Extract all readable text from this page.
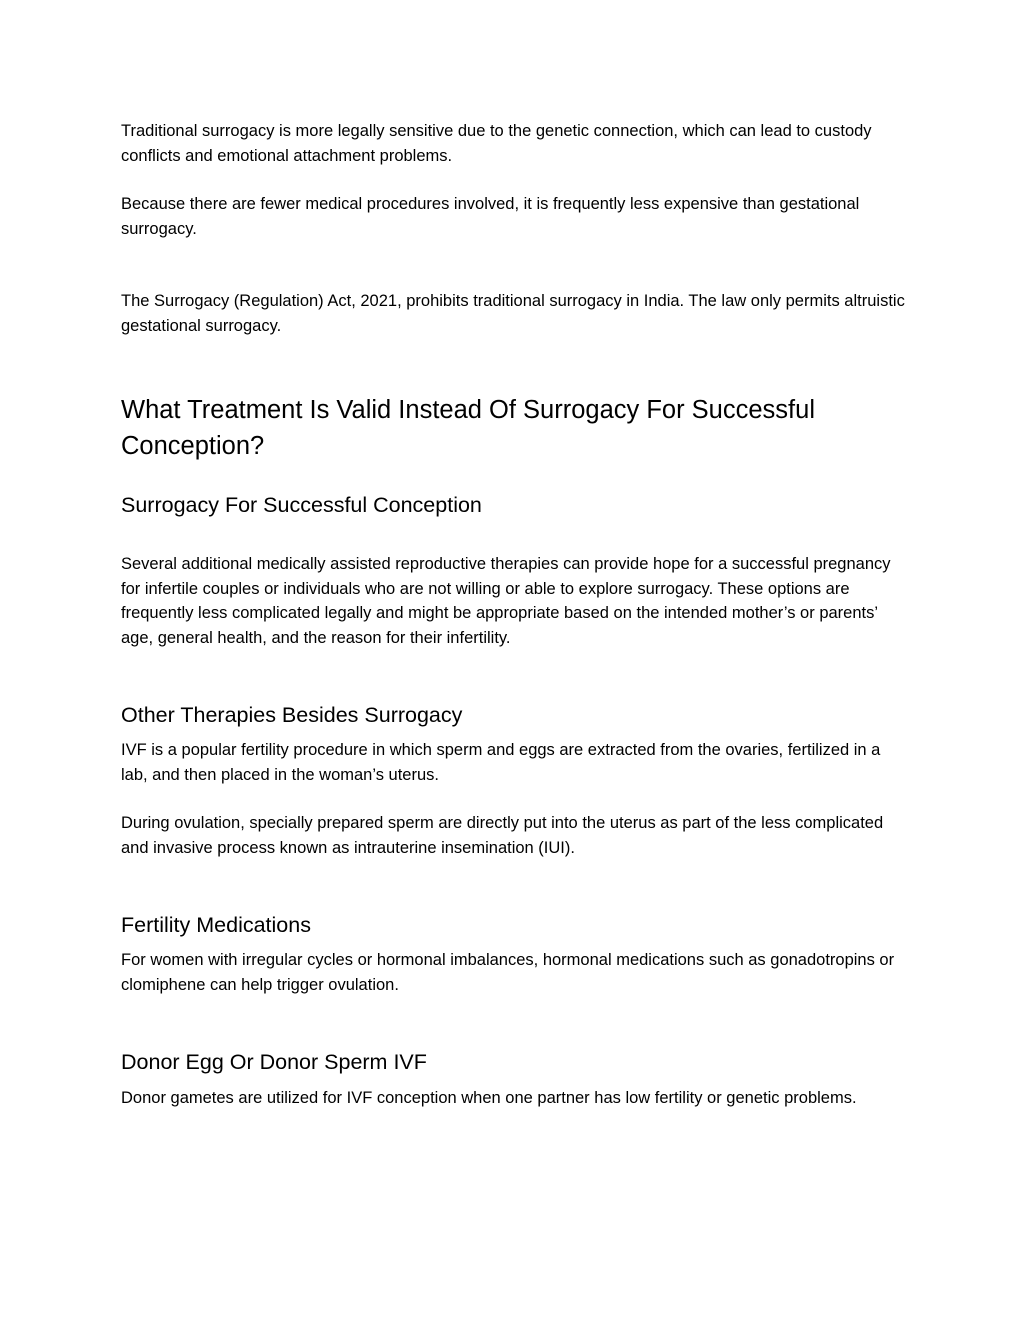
Traditional surrogacy is more legally sensitive due to the genetic connection, which can lead to custody conflicts and emotional attachment problems.

Because there are fewer medical procedures involved, it is frequently less expensive than gestational surrogacy.

The Surrogacy (Regulation) Act, 2021, prohibits traditional surrogacy in India. The law only permits altruistic gestational surrogacy.

What Treatment Is Valid Instead Of Surrogacy For Successful Conception?
Surrogacy For Successful Conception

Several additional medically assisted reproductive therapies can provide hope for a successful pregnancy for infertile couples or individuals who are not willing or able to explore surrogacy. These options are frequently less complicated legally and might be appropriate based on the intended mother’s or parents’ age, general health, and the reason for their infertility.

Other Therapies Besides Surrogacy

IVF is a popular fertility procedure in which sperm and eggs are extracted from the ovaries, fertilized in a lab, and then placed in the woman’s uterus.

During ovulation, specially prepared sperm are directly put into the uterus as part of the less complicated and invasive process known as intrauterine insemination (IUI).

Fertility Medications

For women with irregular cycles or hormonal imbalances, hormonal medications such as gonadotropins or clomiphene can help trigger ovulation.

Donor Egg Or Donor Sperm IVF

Donor gametes are utilized for IVF conception when one partner has low fertility or genetic problems.
